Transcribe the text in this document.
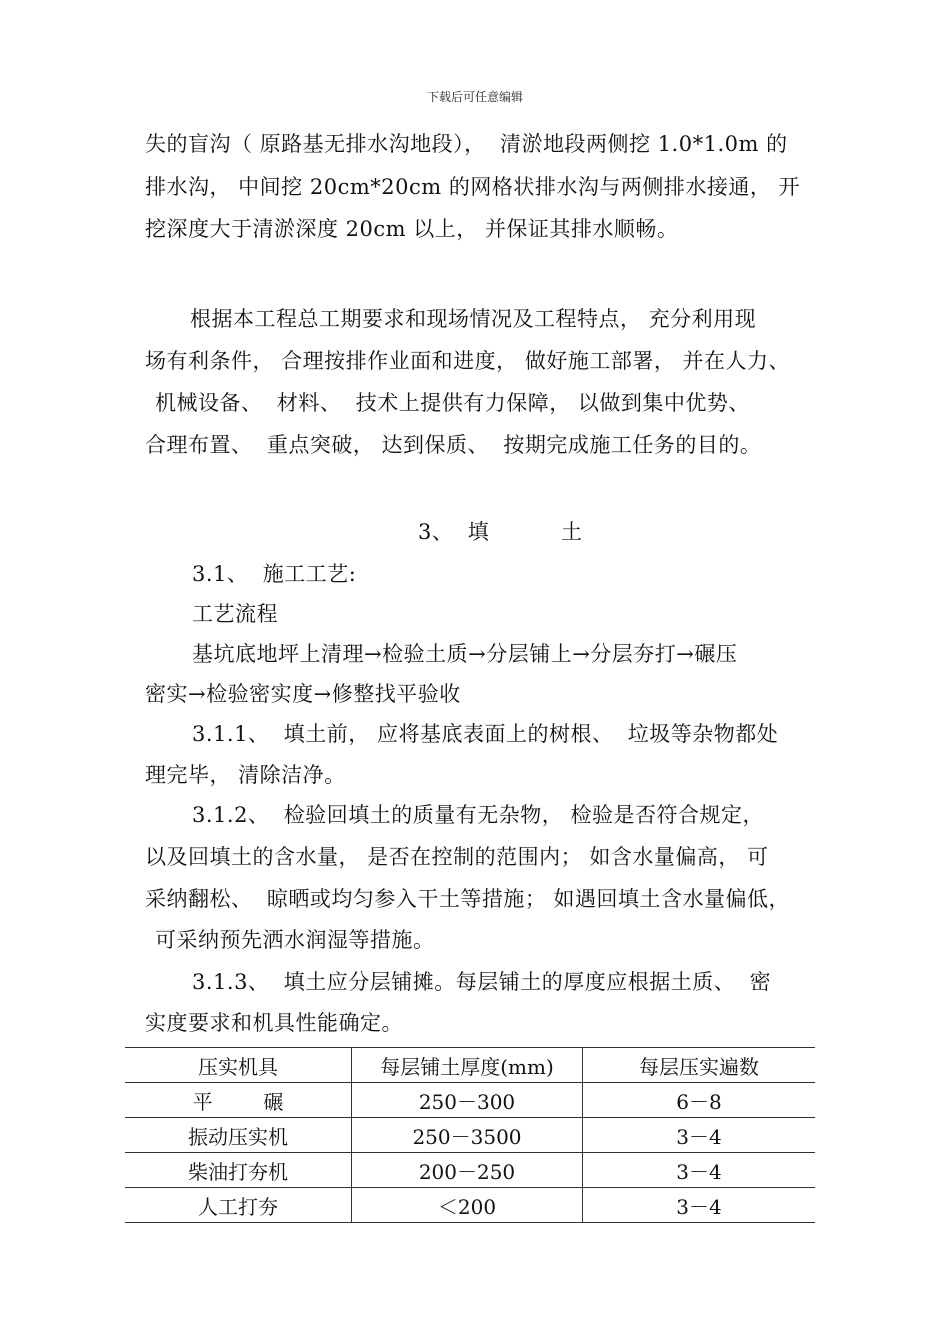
下载后可任意编辑
失的盲沟（ 原路基无排水沟地段），  清淤地段两侧挖 1.0*1.0m 的
排水沟， 中间挖 20cm*20cm 的网格状排水沟与两侧排水接通， 开
挖深度大于清淤深度 20cm 以上， 并保证其排水顺畅。
根据本工程总工期要求和现场情况及工程特点， 充分利用现
场有利条件， 合理按排作业面和进度， 做好施工部署， 并在人力、
机械设备、  材料、  技术上提供有力保障， 以做到集中优势、
合理布置、  重点突破， 达到保质、  按期完成施工任务的目的。
3、  填          土
3.1、  施工工艺:
工艺流程
基坑底地坪上清理→检验土质→分层铺上→分层夯打→碾压
密实→检验密实度→修整找平验收
3.1.1、  填土前， 应将基底表面上的树根、  垃圾等杂物都处
理完毕， 清除洁净。
3.1.2、  检验回填土的质量有无杂物， 检验是否符合规定，
以及回填土的含水量， 是否在控制的范围内； 如含水量偏高， 可
采纳翻松、  晾晒或均匀参入干土等措施； 如遇回填土含水量偏低，
可采纳预先洒水润湿等措施。
3.1.3、  填土应分层铺摊。每层铺土的厚度应根据土质、  密
实度要求和机具性能确定。
压实机具	每层铺土厚度(mm)	每层压实遍数
平        碾	250－300	6－8
振动压实机	250－3500	3－4
柴油打夯机	200－250	3－4
人工打夯	＜200	3－4
